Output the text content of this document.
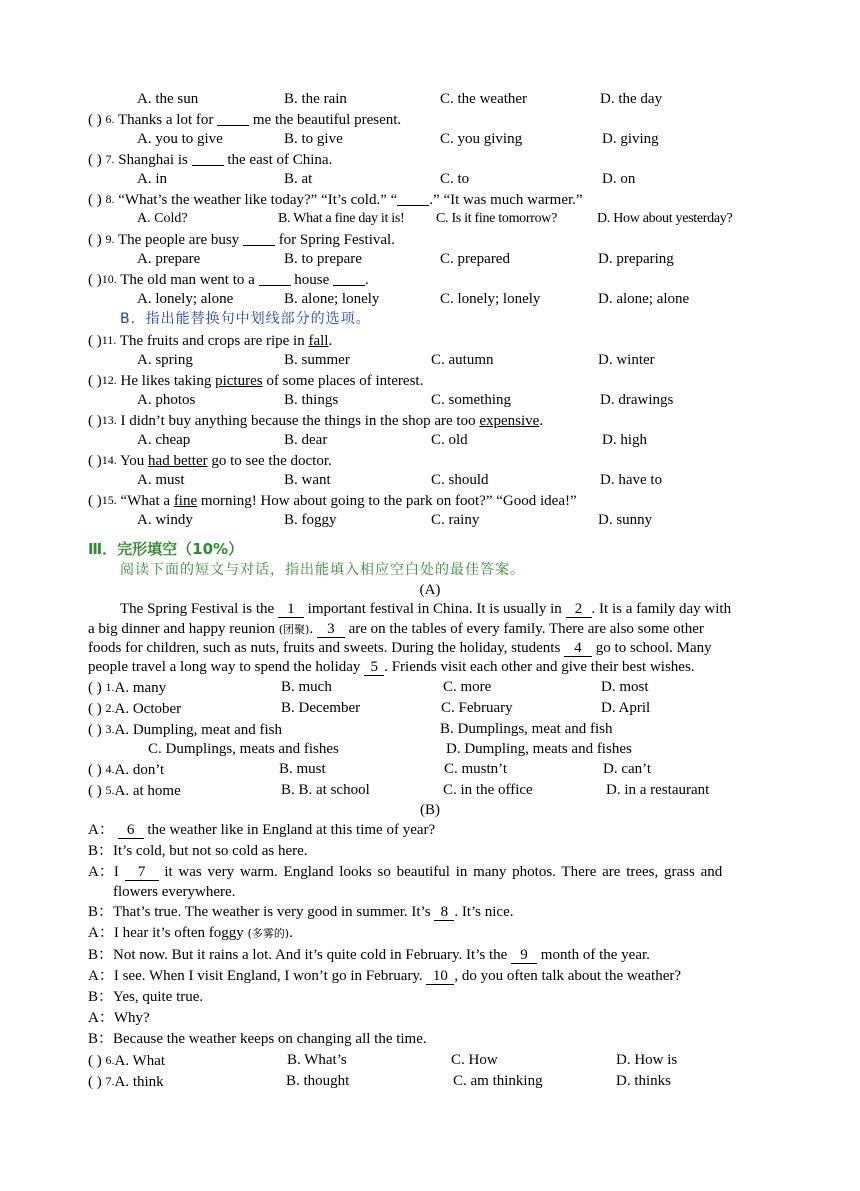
A. the sun	B. the rain	C. the weather	D. the day
( ) 6. Thanks a lot for	me the beautiful present.
A. you to give	B. to give	C. you giving	D. giving
( ) 7. Shanghai is	the east of China.
A. in	B. at	C. to	D. on
( ) 8. “What’s the weather like today?” “It’s cold.” “ .” “It was much warmer.”
A. Cold?	B. What a fine day it is! C. Is it fine tomorrow?	D. How about yesterday?
( ) 9. The people are busy	for Spring Festival.
A. prepare	B. to prepare	C. prepared	D. preparing
( )10. The old man went to a	house .
A. lonely; alone	B. alone; lonely	C. lonely; lonely	D. alone; alone
B．指出能替换句中划线部分的选项。
( )11. The fruits and crops are ripe in fall.
A. spring	B. summer	C. autumn	D. winter
( )12. He likes taking pictures of some places of interest.
A. photos	B. things	C. something	D. drawings
( )13. I didn’t buy anything because the things in the shop are too expensive.
A. cheap	B. dear	C. old	D. high
( )14. You had better go to see the doctor.
A. must	B. want	C. should	D. have to
( )15. “What a fine morning! How about going to the park on foot?” “Good idea!”
A. windy	B. foggy	C. rainy	D. sunny
Ⅲ．完形填空（10%）
阅读下面的短文与对话，指出能填入相应空白处的最佳答案。
(A)
The Spring Festival is the 1 important festival in China. It is usually in 2 . It is a family day with
a big dinner and happy reunion (团聚). 3 are on the tables of every family. There are also some other
foods for children, such as nuts, fruits and sweets. During the holiday, students 4 go to school. Many
people travel a long way to spend the holiday 5 . Friends visit each other and give their best wishes.
( ) 1.A. many	B. much	C. more	D. most
( ) 2.A. October	B. December	C. February	D. April
( ) 3.A. Dumpling, meat and fish	B. Dumplings, meat and fish
C. Dumplings, meats and fishes	D. Dumpling, meats and fishes
( ) 4.A. don’t	B. must	C. mustn’t	D. can’t
( ) 5.A. at home	B. B. at school	C. in the office	D. in a restaurant
(B)
A： 6 the weather like in England at this time of year?
B：It’s cold, but not so cold as here.
A：I 7 it was very warm. England looks so beautiful in many photos. There are trees, grass and
flowers everywhere.
B：That’s true. The weather is very good in summer. It’s 8 . It’s nice.
A：I hear it’s often foggy (多雾的).
B：Not now. But it rains a lot. And it’s quite cold in February. It’s the 9 month of the year.
A：I see. When I visit England, I won’t go in February. 10 , do you often talk about the weather?
B：Yes, quite true.
A：Why?
B：Because the weather keeps on changing all the time.
( ) 6.A. What	B. What’s	C. How	D. How is
( ) 7.A. think	B. thought	C. am thinking	D. thinks
